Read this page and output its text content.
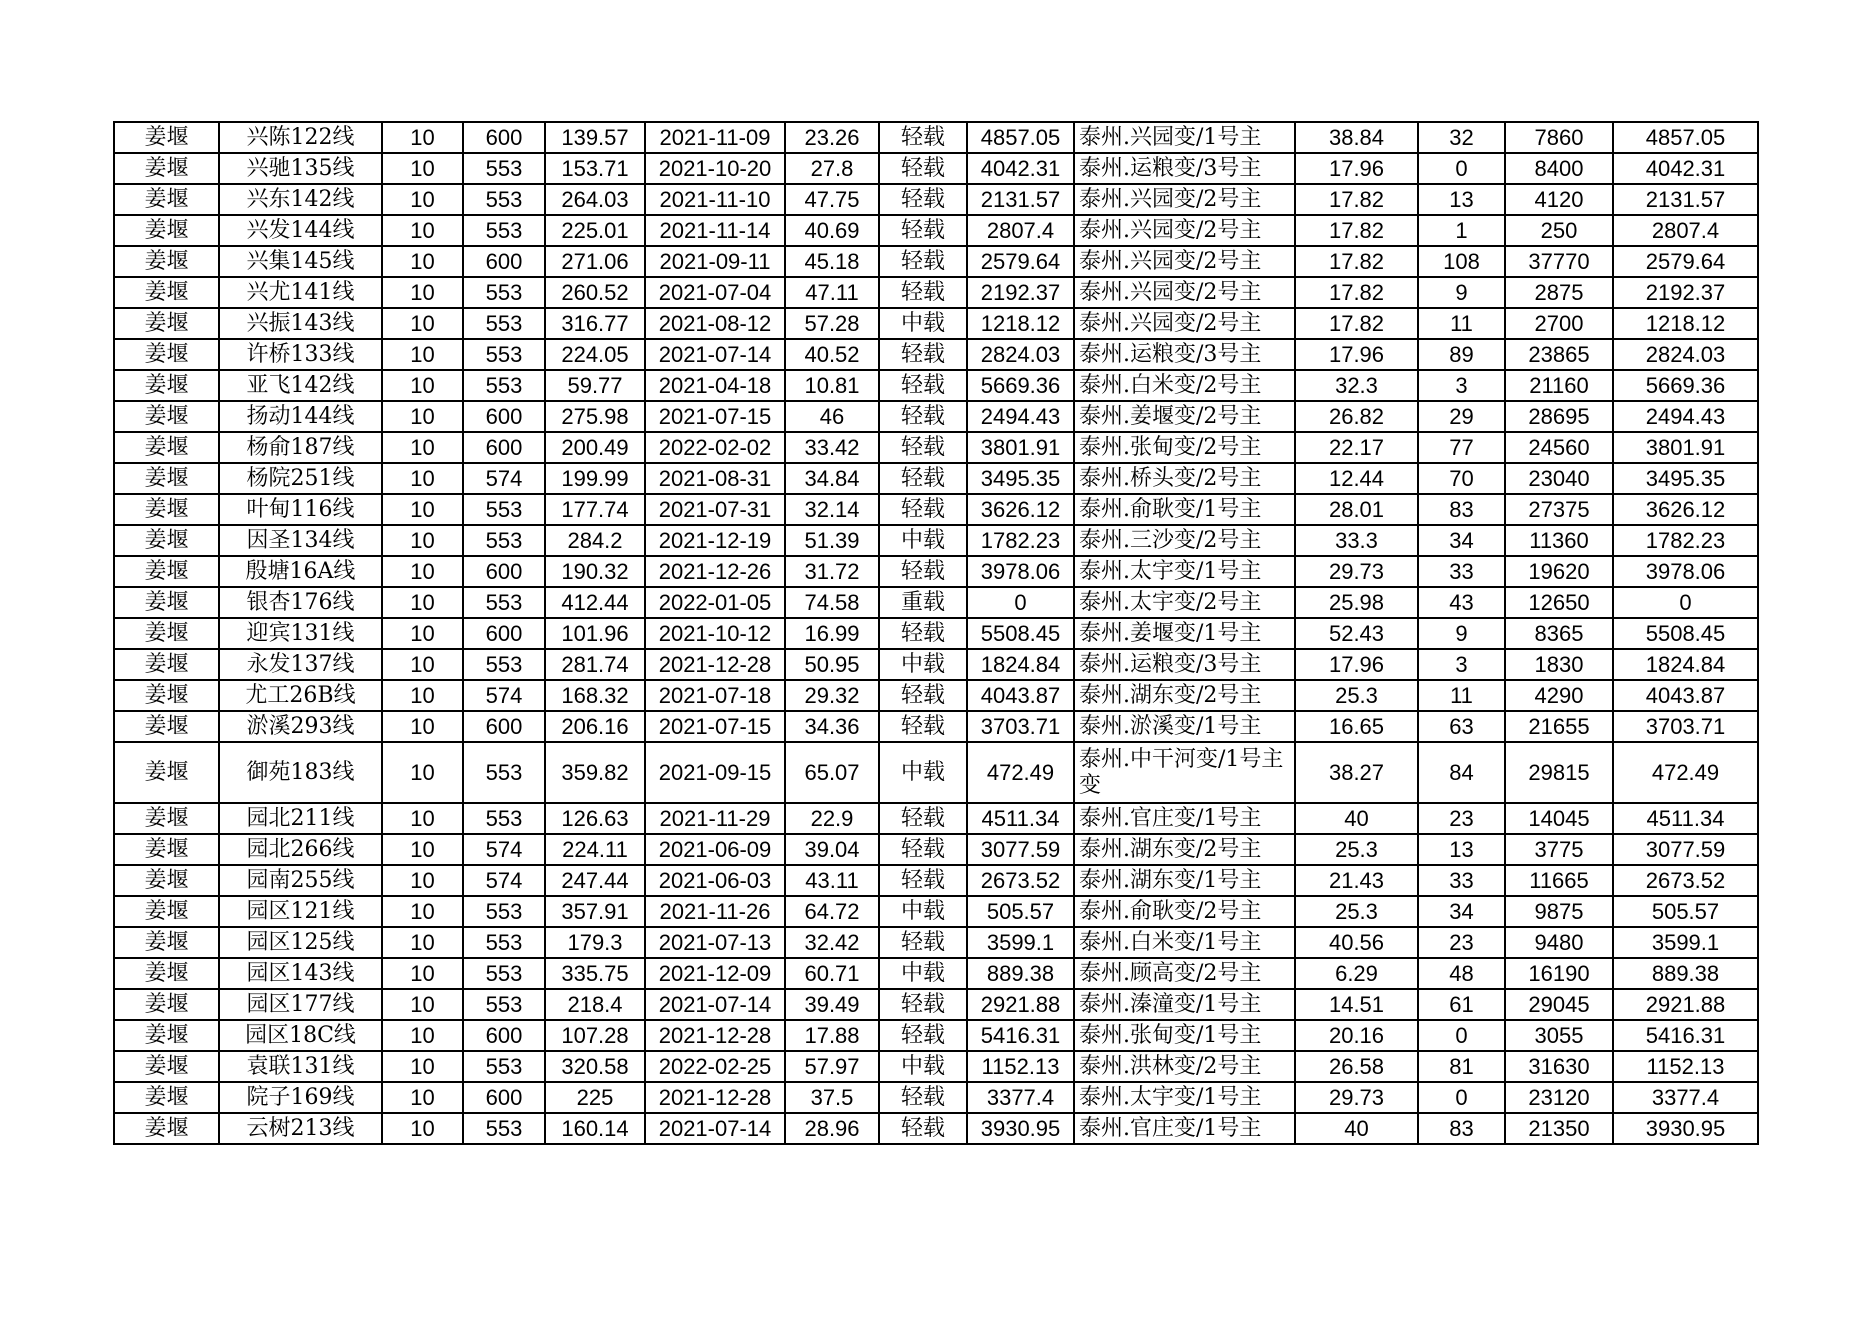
姜堰	兴陈122线	10	600	139.57	2021-11-09	23.26	轻载	4857.05	泰州.兴园变/1号主	38.84	32	7860	4857.05
姜堰	兴驰135线	10	553	153.71	2021-10-20	27.8	轻载	4042.31	泰州.运粮变/3号主	17.96	0	8400	4042.31
姜堰	兴东142线	10	553	264.03	2021-11-10	47.75	轻载	2131.57	泰州.兴园变/2号主	17.82	13	4120	2131.57
姜堰	兴发144线	10	553	225.01	2021-11-14	40.69	轻载	2807.4	泰州.兴园变/2号主	17.82	1	250	2807.4
姜堰	兴集145线	10	600	271.06	2021-09-11	45.18	轻载	2579.64	泰州.兴园变/2号主	17.82	108	37770	2579.64
姜堰	兴尤141线	10	553	260.52	2021-07-04	47.11	轻载	2192.37	泰州.兴园变/2号主	17.82	9	2875	2192.37
姜堰	兴振143线	10	553	316.77	2021-08-12	57.28	中载	1218.12	泰州.兴园变/2号主	17.82	11	2700	1218.12
姜堰	许桥133线	10	553	224.05	2021-07-14	40.52	轻载	2824.03	泰州.运粮变/3号主	17.96	89	23865	2824.03
姜堰	亚飞142线	10	553	59.77	2021-04-18	10.81	轻载	5669.36	泰州.白米变/2号主	32.3	3	21160	5669.36
姜堰	扬动144线	10	600	275.98	2021-07-15	46	轻载	2494.43	泰州.姜堰变/2号主	26.82	29	28695	2494.43
姜堰	杨俞187线	10	600	200.49	2022-02-02	33.42	轻载	3801.91	泰州.张甸变/2号主	22.17	77	24560	3801.91
姜堰	杨院251线	10	574	199.99	2021-08-31	34.84	轻载	3495.35	泰州.桥头变/2号主	12.44	70	23040	3495.35
姜堰	叶甸116线	10	553	177.74	2021-07-31	32.14	轻载	3626.12	泰州.俞耿变/1号主	28.01	83	27375	3626.12
姜堰	因圣134线	10	553	284.2	2021-12-19	51.39	中载	1782.23	泰州.三沙变/2号主	33.3	34	11360	1782.23
姜堰	殷塘16A线	10	600	190.32	2021-12-26	31.72	轻载	3978.06	泰州.太宇变/1号主	29.73	33	19620	3978.06
姜堰	银杏176线	10	553	412.44	2022-01-05	74.58	重载	0	泰州.太宇变/2号主	25.98	43	12650	0
姜堰	迎宾131线	10	600	101.96	2021-10-12	16.99	轻载	5508.45	泰州.姜堰变/1号主	52.43	9	8365	5508.45
姜堰	永发137线	10	553	281.74	2021-12-28	50.95	中载	1824.84	泰州.运粮变/3号主	17.96	3	1830	1824.84
姜堰	尤工26B线	10	574	168.32	2021-07-18	29.32	轻载	4043.87	泰州.湖东变/2号主	25.3	11	4290	4043.87
姜堰	淤溪293线	10	600	206.16	2021-07-15	34.36	轻载	3703.71	泰州.淤溪变/1号主	16.65	63	21655	3703.71
姜堰	御苑183线	10	553	359.82	2021-09-15	65.07	中载	472.49	泰州.中干河变/1号主变	38.27	84	29815	472.49
姜堰	园北211线	10	553	126.63	2021-11-29	22.9	轻载	4511.34	泰州.官庄变/1号主	40	23	14045	4511.34
姜堰	园北266线	10	574	224.11	2021-06-09	39.04	轻载	3077.59	泰州.湖东变/2号主	25.3	13	3775	3077.59
姜堰	园南255线	10	574	247.44	2021-06-03	43.11	轻载	2673.52	泰州.湖东变/1号主	21.43	33	11665	2673.52
姜堰	园区121线	10	553	357.91	2021-11-26	64.72	中载	505.57	泰州.俞耿变/2号主	25.3	34	9875	505.57
姜堰	园区125线	10	553	179.3	2021-07-13	32.42	轻载	3599.1	泰州.白米变/1号主	40.56	23	9480	3599.1
姜堰	园区143线	10	553	335.75	2021-12-09	60.71	中载	889.38	泰州.顾高变/2号主	6.29	48	16190	889.38
姜堰	园区177线	10	553	218.4	2021-07-14	39.49	轻载	2921.88	泰州.溱潼变/1号主	14.51	61	29045	2921.88
姜堰	园区18C线	10	600	107.28	2021-12-28	17.88	轻载	5416.31	泰州.张甸变/1号主	20.16	0	3055	5416.31
姜堰	袁联131线	10	553	320.58	2022-02-25	57.97	中载	1152.13	泰州.洪林变/2号主	26.58	81	31630	1152.13
姜堰	院子169线	10	600	225	2021-12-28	37.5	轻载	3377.4	泰州.太宇变/1号主	29.73	0	23120	3377.4
姜堰	云树213线	10	553	160.14	2021-07-14	28.96	轻载	3930.95	泰州.官庄变/1号主	40	83	21350	3930.95
